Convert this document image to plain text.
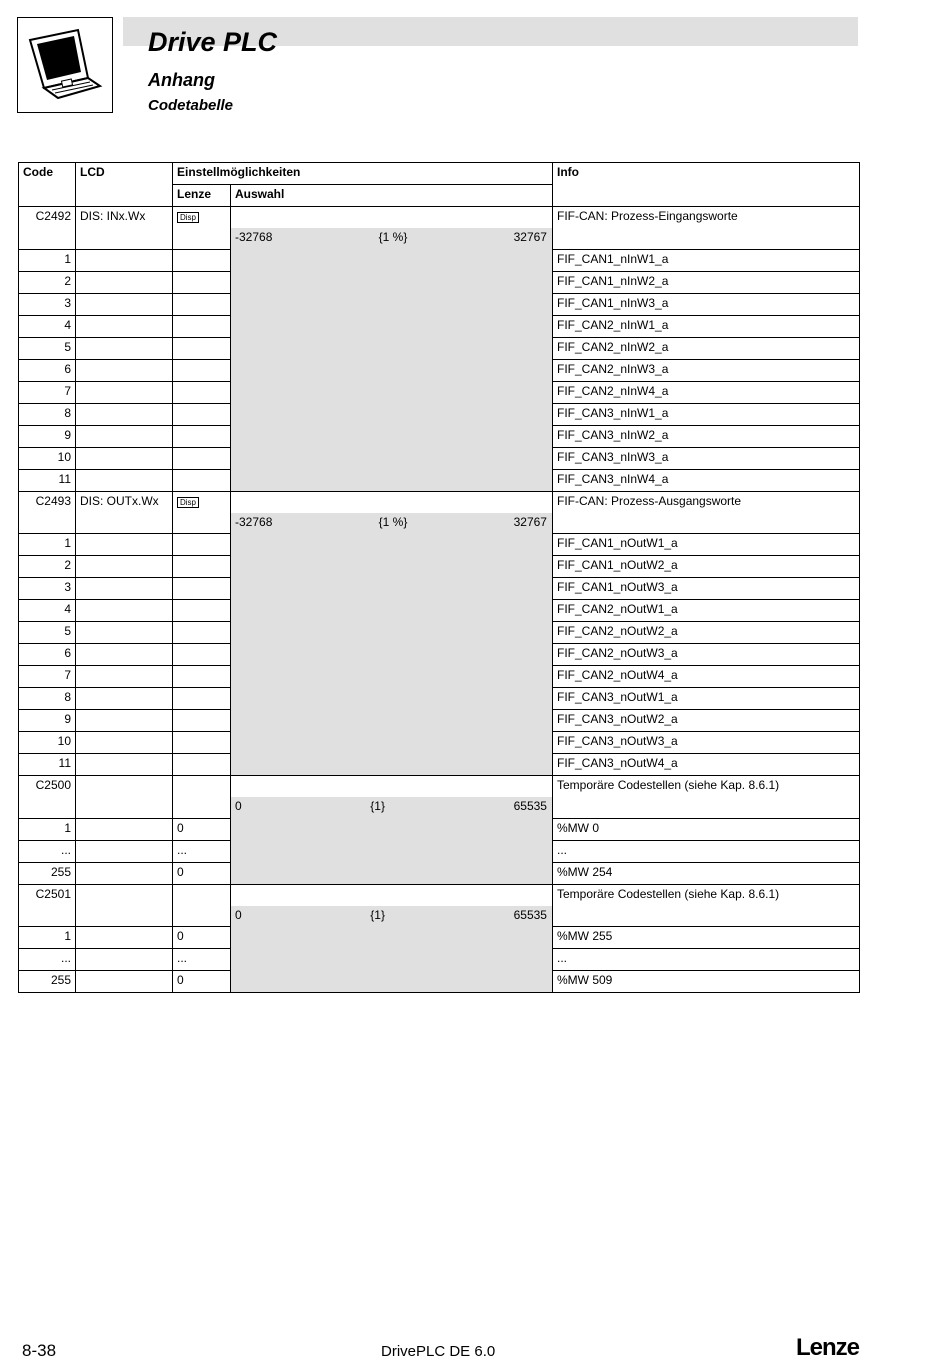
Drive PLC
Anhang
Codetabelle
Code	LCD	Einstellmöglichkeiten		Info
		Lenze	Auswahl	
C2492	DIS: INx.Wx	Disp		FIF-CAN: Prozess-Eingangsworte

			-32768 {1 %} 32767	

1				FIF_CAN1_nInW1_a
2				FIF_CAN1_nInW2_a
3				FIF_CAN1_nInW3_a
4				FIF_CAN2_nInW1_a
5				FIF_CAN2_nInW2_a
6				FIF_CAN2_nInW3_a
7				FIF_CAN2_nInW4_a
8				FIF_CAN3_nInW1_a
9				FIF_CAN3_nInW2_a
10				FIF_CAN3_nInW3_a
11				FIF_CAN3_nInW4_a
C2493	DIS: OUTx.Wx	Disp		FIF-CAN: Prozess-Ausgangsworte

			-32768 {1 %} 32767	

1				FIF_CAN1_nOutW1_a
2				FIF_CAN1_nOutW2_a
3				FIF_CAN1_nOutW3_a
4				FIF_CAN2_nOutW1_a
5				FIF_CAN2_nOutW2_a
6				FIF_CAN2_nOutW3_a
7				FIF_CAN2_nOutW4_a
8				FIF_CAN3_nOutW1_a
9				FIF_CAN3_nOutW2_a
10				FIF_CAN3_nOutW3_a
11				FIF_CAN3_nOutW4_a
C2500				Temporäre Codestellen (siehe Kap. 8.6.1)

			0 {1} 65535	

1		0		%MW 0
...		...		...
255		0		%MW 254
C2501				Temporäre Codestellen (siehe Kap. 8.6.1)

			0 {1} 65535	

1		0		%MW 255
...		...		...
255		0		%MW 509
8-38	DrivePLC DE 6.0	Lenze
